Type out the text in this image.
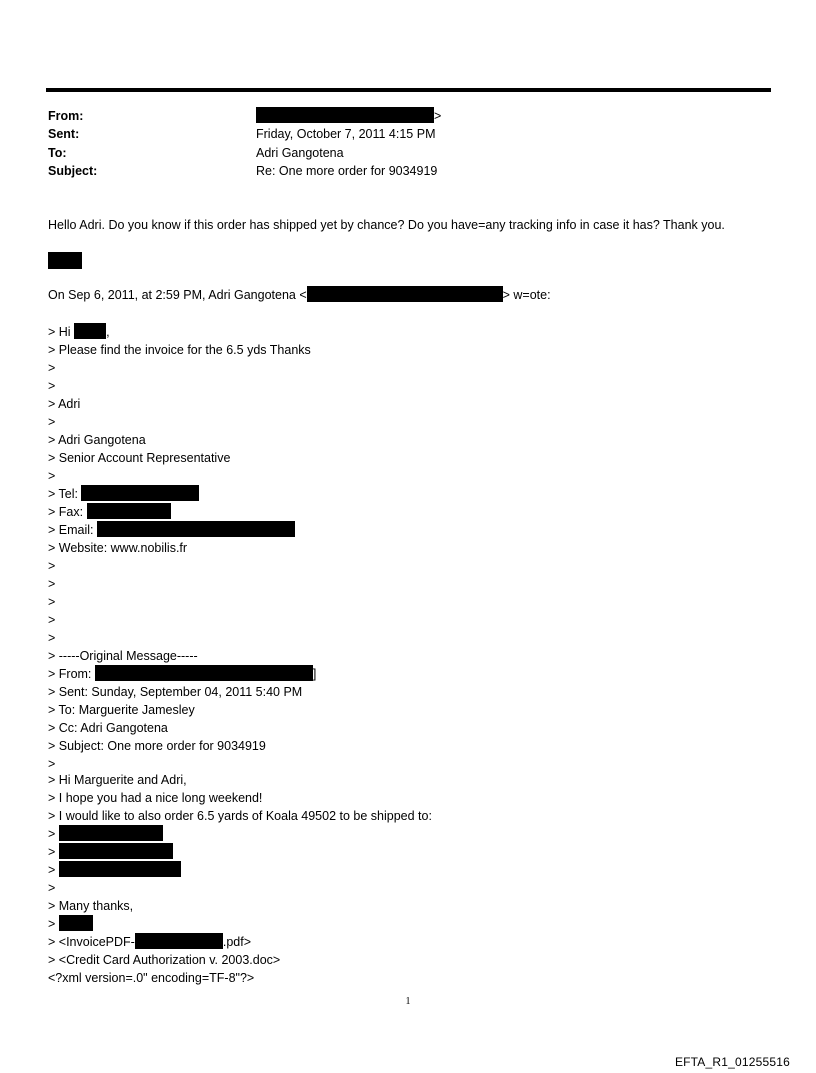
From:	>
Sent:	Friday, October 7, 2011 4:15 PM
To:	Adri Gangotena
Subject:	Re: One more order for 9034919
Hello Adri. Do you know if this order has shipped yet by chance? Do you have=any tracking info in case it has? Thank you.
On Sep 6, 2011, at 2:59 PM, Adri Gangotena <	> w=ote:
> Hi	,
> Please find the invoice for the 6.5 yds Thanks
>
>
> Adri
>
> Adri Gangotena
> Senior Account Representative
>
> Tel:
> Fax:
> Email:
> Website: www.nobilis.fr
>
>
>
>
>
> -----Original Message-----
> From:	]
> Sent: Sunday, September 04, 2011 5:40 PM
> To: Marguerite Jamesley
> Cc: Adri Gangotena
> Subject: One more order for 9034919
>
> Hi Marguerite and Adri,
> I hope you had a nice long weekend!
> I would like to also order 6.5 yards of Koala 49502 to be shipped to:
>
>
>
>
> Many thanks,
>
> <InvoicePDF-	.pdf>
> <Credit Card Authorization v. 2003.doc>
<?xml version=.0" encoding=TF-8"?>
1
EFTA_R1_01255516
